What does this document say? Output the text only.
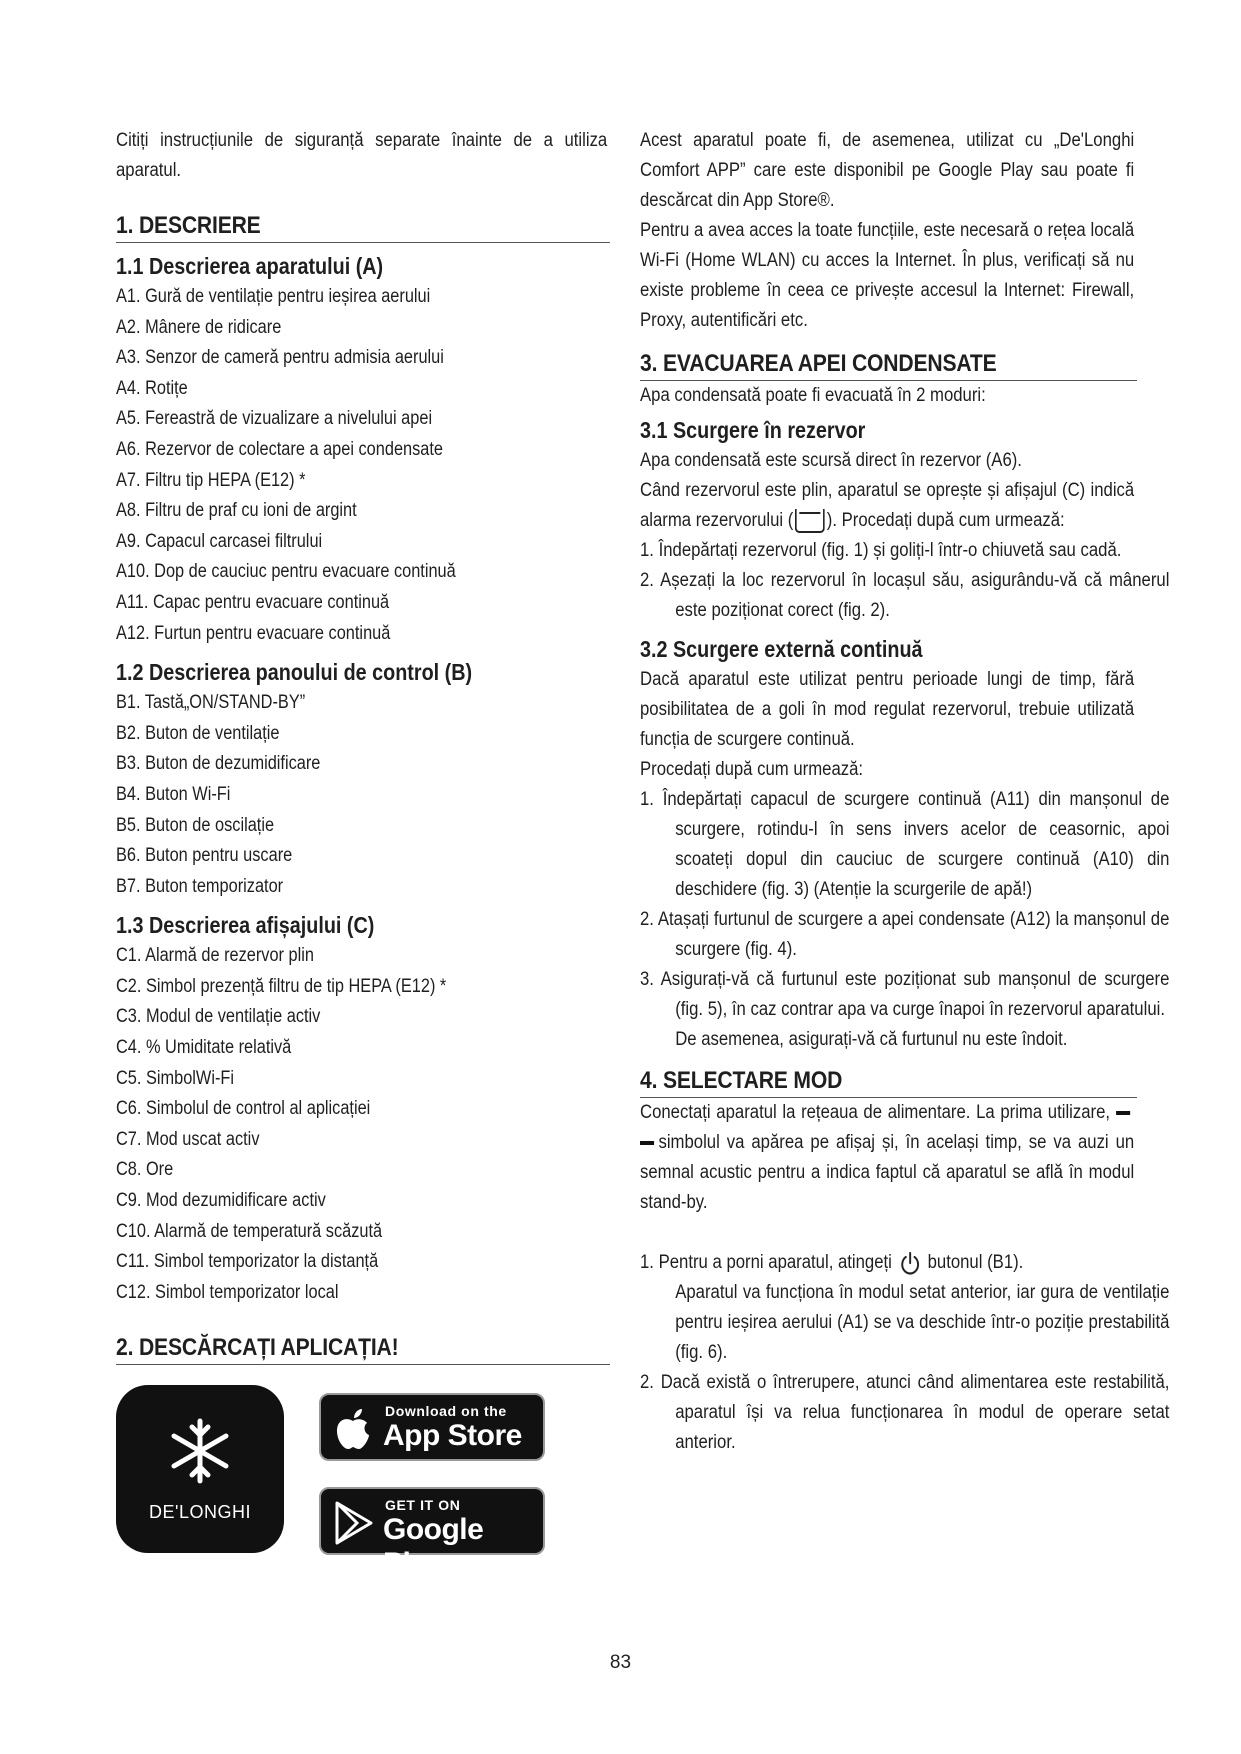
Citiți instrucțiunile de siguranță separate înainte de a utiliza aparatul.

1. DESCRIERE
1.1 Descrierea aparatului (A)
A1. Gură de ventilație pentru ieșirea aerului
A2. Mânere de ridicare
A3. Senzor de cameră pentru admisia aerului
A4. Rotițe
A5. Fereastră de vizualizare a nivelului apei
A6. Rezervor de colectare a apei condensate
A7. Filtru tip HEPA (E12) *
A8. Filtru de praf cu ioni de argint
A9. Capacul carcasei filtrului
A10. Dop de cauciuc pentru evacuare continuă
A11. Capac pentru evacuare continuă
A12. Furtun pentru evacuare continuă
1.2 Descrierea panoului de control (B)
B1. Tastă„ON/STAND-BY”
B2. Buton de ventilație
B3. Buton de dezumidificare
B4. Buton Wi-Fi
B5. Buton de oscilație
B6. Buton pentru uscare
B7. Buton temporizator
1.3 Descrierea afișajului (C)
C1. Alarmă de rezervor plin
C2. Simbol prezență filtru de tip HEPA (E12) *
C3. Modul de ventilație activ
C4. % Umiditate relativă
C5. SimbolWi-Fi
C6. Simbolul de control al aplicației
C7. Mod uscat activ
C8. Ore
C9. Mod dezumidificare activ
C10. Alarmă de temperatură scăzută
C11. Simbol temporizator la distanță
C12. Simbol temporizator local
2. DESCĂRCAȚI APLICAȚIA!
DE'LONGHI
Download on the
App Store
GET IT ON
Google Play

Acest aparatul poate fi, de asemenea, utilizat cu „De'Longhi Comfort APP” care este disponibil pe Google Play sau poate fi descărcat din App Store®.

Pentru a avea acces la toate funcțiile, este necesară o rețea locală Wi-Fi (Home WLAN) cu acces la Internet. În plus, verificați să nu existe probleme în ceea ce privește accesul la Internet: Firewall, Proxy, autentificări etc.

3. EVACUAREA APEI CONDENSATE

Apa condensată poate fi evacuată în 2 moduri:

3.1 Scurgere în rezervor

Apa condensată este scursă direct în rezervor (A6).

Când rezervorul este plin, aparatul se oprește și afișajul (C) indică alarma rezervorului ( ). Procedați după cum urmează:

1. Îndepărtați rezervorul (fig. 1) și goliți-l într-o chiuvetă sau cadă.
2. Așezați la loc rezervorul în locașul său, asigurându-vă că mânerul este poziționat corect (fig. 2).
3.2 Scurgere externă continuă

Dacă aparatul este utilizat pentru perioade lungi de timp, fără posibilitatea de a goli în mod regulat rezervorul, trebuie utilizată funcția de scurgere continuă.

Procedați după cum urmează:

1. Îndepărtați capacul de scurgere continuă (A11) din manșonul de scurgere, rotindu-l în sens invers acelor de ceasornic, apoi scoateți dopul din cauciuc de scurgere continuă (A10) din deschidere (fig. 3) (Atenție la scurgerile de apă!)
2. Atașați furtunul de scurgere a apei condensate (A12) la manșonul de scurgere (fig. 4).
3. Asigurați-vă că furtunul este poziționat sub manșonul de scurgere (fig. 5), în caz contrar apa va curge înapoi în rezervorul aparatului.

De asemenea, asigurați-vă că furtunul nu este îndoit.

4. SELECTARE MOD

Conectați aparatul la rețeaua de alimentare. La prima utilizare, simbolul va apărea pe afișaj și, în același timp, se va auzi un semnal acustic pentru a indica faptul că aparatul se află în modul stand-by.

1. Pentru a porni aparatul, atingeți butonul (B1).

Aparatul va funcționa în modul setat anterior, iar gura de ventilație pentru ieșirea aerului (A1) se va deschide într-o poziție prestabilită (fig. 6).

2. Dacă există o întrerupere, atunci când alimentarea este restabilită, aparatul își va relua funcționarea în modul de operare setat anterior.
83
